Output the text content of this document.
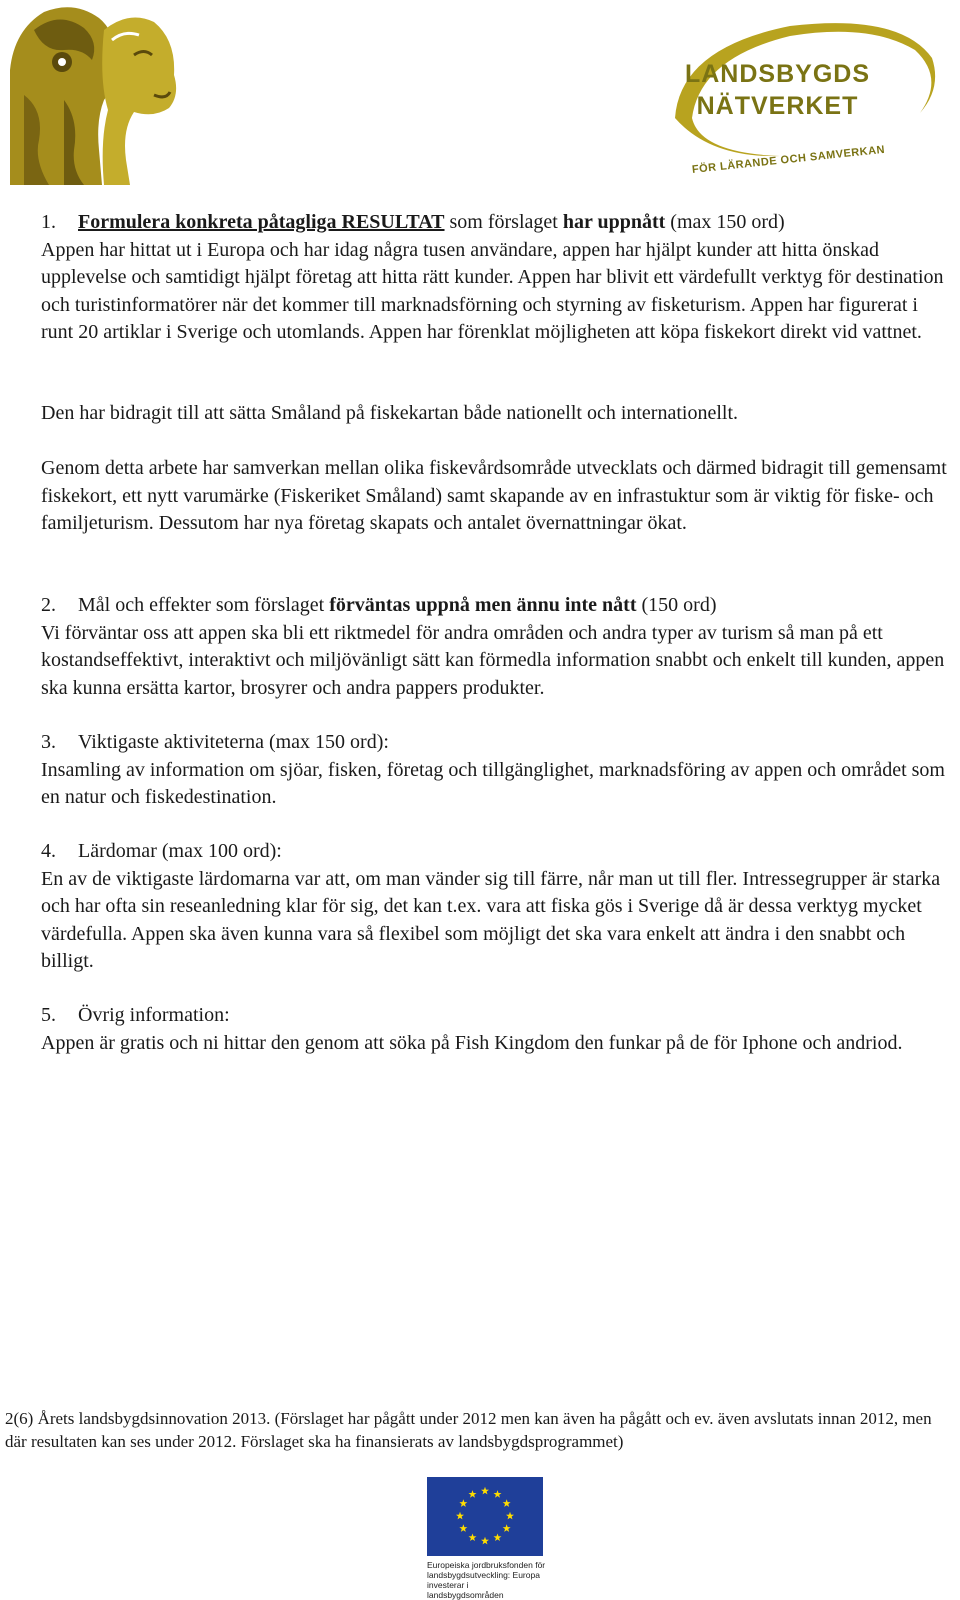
LANDSBYGDS
NÄTVERKET
FÖR LÄRANDE OCH SAMVERKAN
1. Formulera konkreta påtagliga RESULTAT som förslaget har uppnått (max 150 ord)
Appen har hittat ut i Europa och har idag några tusen användare, appen har hjälpt kunder att hitta önskad upplevelse och samtidigt hjälpt företag att hitta rätt kunder. Appen har blivit ett värdefullt verktyg för destination och turistinformatörer när det kommer till marknadsförning och styrning av fisketurism. Appen har figurerat i runt 20 artiklar i Sverige och utomlands. Appen har förenklat möjligheten att köpa fiskekort direkt vid vattnet.

Den har bidragit till att sätta Småland på fiskekartan både nationellt och internationellt.

Genom detta arbete har samverkan mellan olika fiskevårdsområde utvecklats och därmed bidragit till gemensamt fiskekort, ett nytt varumärke (Fiskeriket Småland) samt skapande av en infrastuktur som är viktig för fiske- och familjeturism. Dessutom har nya företag skapats och antalet övernattningar ökat.

2. Mål och effekter som förslaget förväntas uppnå men ännu inte nått (150 ord)
Vi förväntar oss att appen ska bli ett riktmedel för andra områden och andra typer av turism så man på ett kostandseffektivt, interaktivt och miljövänligt sätt kan förmedla information snabbt och enkelt till kunden, appen ska kunna ersätta kartor, brosyrer och andra pappers produkter.
3. Viktigaste aktiviteterna (max 150 ord):
Insamling av information om sjöar, fisken, företag och tillgänglighet, marknadsföring av appen och området som en natur och fiskedestination.
4. Lärdomar (max 100 ord):
En av de viktigaste lärdomarna var att, om man vänder sig till färre, når man ut till fler. Intressegrupper är starka och har ofta sin reseanledning klar för sig, det kan t.ex. vara att fiska gös i Sverige då är dessa verktyg mycket värdefulla. Appen ska även kunna vara så flexibel som möjligt det ska vara enkelt att ändra i den snabbt och billigt.
5. Övrig information:
Appen är gratis och ni hittar den genom att söka på Fish Kingdom den funkar på de för Iphone och andriod.
2(6) Årets landsbygdsinnovation 2013. (Förslaget har pågått under 2012 men kan även ha pågått och ev. även avslutats innan 2012, men där resultaten kan ses under 2012. Förslaget ska ha finansierats av landsbygdsprogrammet)
Europeiska jordbruksfonden för
landsbygdsutveckling: Europa
investerar i landsbygdsområden
